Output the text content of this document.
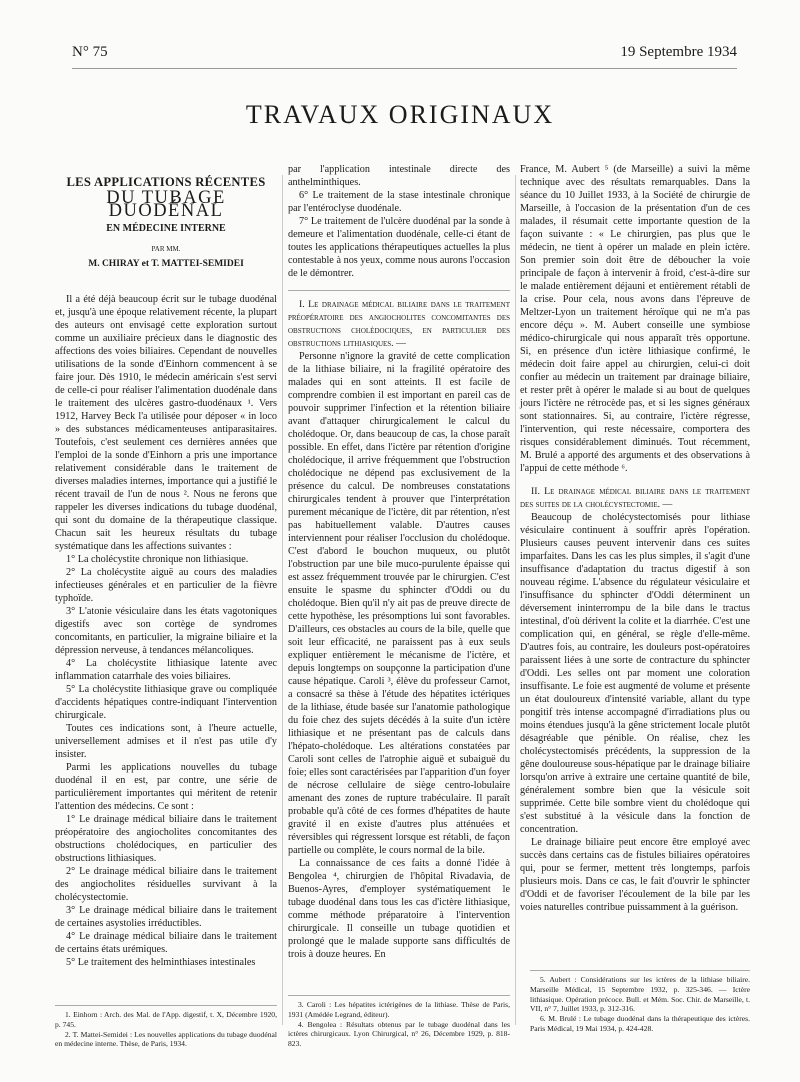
N° 75	19 Septembre 1934
TRAVAUX ORIGINAUX
LES APPLICATIONS RÉCENTES
DU TUBAGE DUODÉNAL
EN MÉDECINE INTERNE
PAR MM.
M. CHIRAY et T. MATTEI-SEMIDEI

Il a été déjà beaucoup écrit sur le tubage duodénal et, jusqu'à une époque relativement récente, la plupart des auteurs ont envisagé cette exploration surtout comme un auxiliaire précieux dans le diagnostic des affections des voies biliaires. Cependant de nouvelles utilisations de la sonde d'Einhorn commencent à se faire jour. Dès 1910, le médecin américain s'est servi de celle-ci pour réaliser l'alimentation duodénale dans le traitement des ulcères gastro-duodénaux ¹. Vers 1912, Harvey Beck l'a utilisée pour déposer « in loco » des substances médicamenteuses antiparasitaires. Toutefois, c'est seulement ces dernières années que l'emploi de la sonde d'Einhorn a pris une importance relativement considérable dans le traitement de diverses maladies internes, importance qui a justifié le récent travail de l'un de nous ². Nous ne ferons que rappeler les diverses indications du tubage duodénal, qui sont du domaine de la thérapeutique classique. Chacun sait les heureux résultats du tubage systématique dans les affections suivantes :

1° La cholécystite chronique non lithiasique.

2° La cholécystite aiguë au cours des maladies infectieuses générales et en particulier de la fièvre typhoïde.

3° L'atonie vésiculaire dans les états vagotoniques digestifs avec son cortège de syndromes concomitants, en particulier, la migraine biliaire et la dépression nerveuse, à tendances mélancoliques.

4° La cholécystite lithiasique latente avec inflammation catarrhale des voies biliaires.

5° La cholécystite lithiasique grave ou compliquée d'accidents hépatiques contre-indiquant l'intervention chirurgicale.

Toutes ces indications sont, à l'heure actuelle, universellement admises et il n'est pas utile d'y insister.

Parmi les applications nouvelles du tubage duodénal il en est, par contre, une série de particulièrement importantes qui méritent de retenir l'attention des médecins. Ce sont :

1° Le drainage médical biliaire dans le traitement préopératoire des angiocholites concomitantes des obstructions cholédociques, en particulier des obstructions lithiasiques.

2° Le drainage médical biliaire dans le traitement des angiocholites résiduelles survivant à la cholécystectomie.

3° Le drainage médical biliaire dans le traitement de certaines asystolies irréductibles.

4° Le drainage médical biliaire dans le traitement de certains états urémiques.

5° Le traitement des helminthiases intestinales

par l'application intestinale directe des anthelminthiques.

6° Le traitement de la stase intestinale chronique par l'entéroclyse duodénale.

7° Le traitement de l'ulcère duodénal par la sonde à demeure et l'alimentation duodénale, celle-ci étant de toutes les applications thérapeutiques actuelles la plus contestable à nos yeux, comme nous aurons l'occasion de le démontrer.

I. Le drainage médical biliaire dans le traitement préopératoire des angiocholites concomitantes des obstructions cholédociques, en particulier des obstructions lithiasiques. —

Personne n'ignore la gravité de cette complication de la lithiase biliaire, ni la fragilité opératoire des malades qui en sont atteints. Il est facile de comprendre combien il est important en pareil cas de pouvoir supprimer l'infection et la rétention biliaire avant d'attaquer chirurgicalement le calcul du cholédoque. Or, dans beaucoup de cas, la chose paraît possible. En effet, dans l'ictère par rétention d'origine cholédocique, il arrive fréquemment que l'obstruction cholédocique ne dépend pas exclusivement de la présence du calcul. De nombreuses constatations chirurgicales tendent à prouver que l'interprétation purement mécanique de l'ictère, dit par rétention, n'est pas habituellement valable. D'autres causes interviennent pour réaliser l'occlusion du cholédoque. C'est d'abord le bouchon muqueux, ou plutôt l'obstruction par une bile muco-purulente épaisse qui est assez fréquemment trouvée par le chirurgien. C'est ensuite le spasme du sphincter d'Oddi ou du cholédoque. Bien qu'il n'y ait pas de preuve directe de cette hypothèse, les présomptions lui sont favorables. D'ailleurs, ces obstacles au cours de la bile, quelle que soit leur efficacité, ne paraissent pas à eux seuls expliquer entièrement le mécanisme de l'ictère, et depuis longtemps on soupçonne la participation d'une cause hépatique. Caroli ³, élève du professeur Carnot, a consacré sa thèse à l'étude des hépatites ictériques de la lithiase, étude basée sur l'anatomie pathologique du foie chez des sujets décédés à la suite d'un ictère lithiasique et ne présentant pas de calculs dans l'hépato-cholédoque. Les altérations constatées par Caroli sont celles de l'atrophie aiguë et subaiguë du foie; elles sont caractérisées par l'apparition d'un foyer de nécrose cellulaire de siège centro-lobulaire amenant des zones de rupture trabéculaire. Il paraît probable qu'à côté de ces formes d'hépatites de haute gravité il en existe d'autres plus atténuées et réversibles qui régressent lorsque est rétabli, de façon partielle ou complète, le cours normal de la bile.

La connaissance de ces faits a donné l'idée à Bengolea ⁴, chirurgien de l'hôpital Rivadavia, de Buenos-Ayres, d'employer systématiquement le tubage duodénal dans tous les cas d'ictère lithiasique, comme méthode préparatoire à l'intervention chirurgicale. Il conseille un tubage quotidien et prolongé que le malade supporte sans difficultés de trois à douze heures. En

France, M. Aubert ⁵ (de Marseille) a suivi la même technique avec des résultats remarquables. Dans la séance du 10 Juillet 1933, à la Société de chirurgie de Marseille, à l'occasion de la présentation d'un de ces malades, il résumait cette importante question de la façon suivante : « Le chirurgien, pas plus que le médecin, ne tient à opérer un malade en plein ictère. Son premier soin doit être de déboucher la voie principale de façon à intervenir à froid, c'est-à-dire sur le malade entièrement déjauni et entièrement rétabli de la crise. Pour cela, nous avons dans l'épreuve de Meltzer-Lyon un traitement héroïque qui ne m'a pas encore déçu ». M. Aubert conseille une symbiose médico-chirurgicale qui nous apparaît très opportune. Si, en présence d'un ictère lithiasique confirmé, le médecin doit faire appel au chirurgien, celui-ci doit confier au médecin un traitement par drainage biliaire, et rester prêt à opérer le malade si au bout de quelques jours l'ictère ne rétrocède pas, et si les signes généraux sont stationnaires. Si, au contraire, l'ictère régresse, l'intervention, qui reste nécessaire, comportera des risques considérablement diminués. Tout récemment, M. Brulé a apporté des arguments et des observations à l'appui de cette méthode ⁶.

II. Le drainage médical biliaire dans le traitement des suites de la cholécystectomie. —

Beaucoup de cholécystectomisés pour lithiase vésiculaire continuent à souffrir après l'opération. Plusieurs causes peuvent intervenir dans ces suites imparfaites. Dans les cas les plus simples, il s'agit d'une insuffisance d'adaptation du tractus digestif à son nouveau régime. L'absence du régulateur vésiculaire et l'insuffisance du sphincter d'Oddi déterminent un déversement ininterrompu de la bile dans le tractus intestinal, d'où dérivent la colite et la diarrhée. C'est une complication qui, en général, se règle d'elle-même. D'autres fois, au contraire, les douleurs post-opératoires paraissent liées à une sorte de contracture du sphincter d'Oddi. Les selles ont par moment une coloration insuffisante. Le foie est augmenté de volume et présente un état douloureux d'intensité variable, allant du type pongitif très intense accompagné d'irradiations plus ou moins étendues jusqu'à la gêne strictement locale plutôt désagréable que pénible. On réalise, chez les cholécystectomisés précédents, la suppression de la gêne douloureuse sous-hépatique par le drainage biliaire lorsqu'on arrive à extraire une certaine quantité de bile, généralement sombre bien que la vésicule soit supprimée. Cette bile sombre vient du cholédoque qui s'est substitué à la vésicule dans la fonction de concentration.

Le drainage biliaire peut encore être employé avec succès dans certains cas de fistules biliaires opératoires qui, pour se fermer, mettent très longtemps, parfois plusieurs mois. Dans ce cas, le fait d'ouvrir le sphincter d'Oddi et de favoriser l'écoulement de la bile par les voies naturelles contribue puissamment à la guérison.

1. Einhorn : Arch. des Mal. de l'App. digestif, t. X, Décembre 1920, p. 745.

2. T. Mattei-Semidei : Les nouvelles applications du tubage duodénal en médecine interne. Thèse, de Paris, 1934.

3. Caroli : Les hépatites ictérigènes de la lithiase. Thèse de Paris, 1931 (Amédée Legrand, éditeur).

4. Bengolea : Résultats obtenus par le tubage duodénal dans les ictères chirurgicaux. Lyon Chirurgical, n° 26, Décembre 1929, p. 818-823.

5. Aubert : Considérations sur les ictères de la lithiase biliaire. Marseille Médical, 15 Septembre 1932, p. 325-346. — Ictère lithiasique. Opération précoce. Bull. et Mém. Soc. Chir. de Marseille, t. VII, n° 7, Juillet 1933, p. 312-316.

6. M. Brulé : Le tubage duodénal dans la thérapeutique des ictères. Paris Médical, 19 Mai 1934, p. 424-428.
